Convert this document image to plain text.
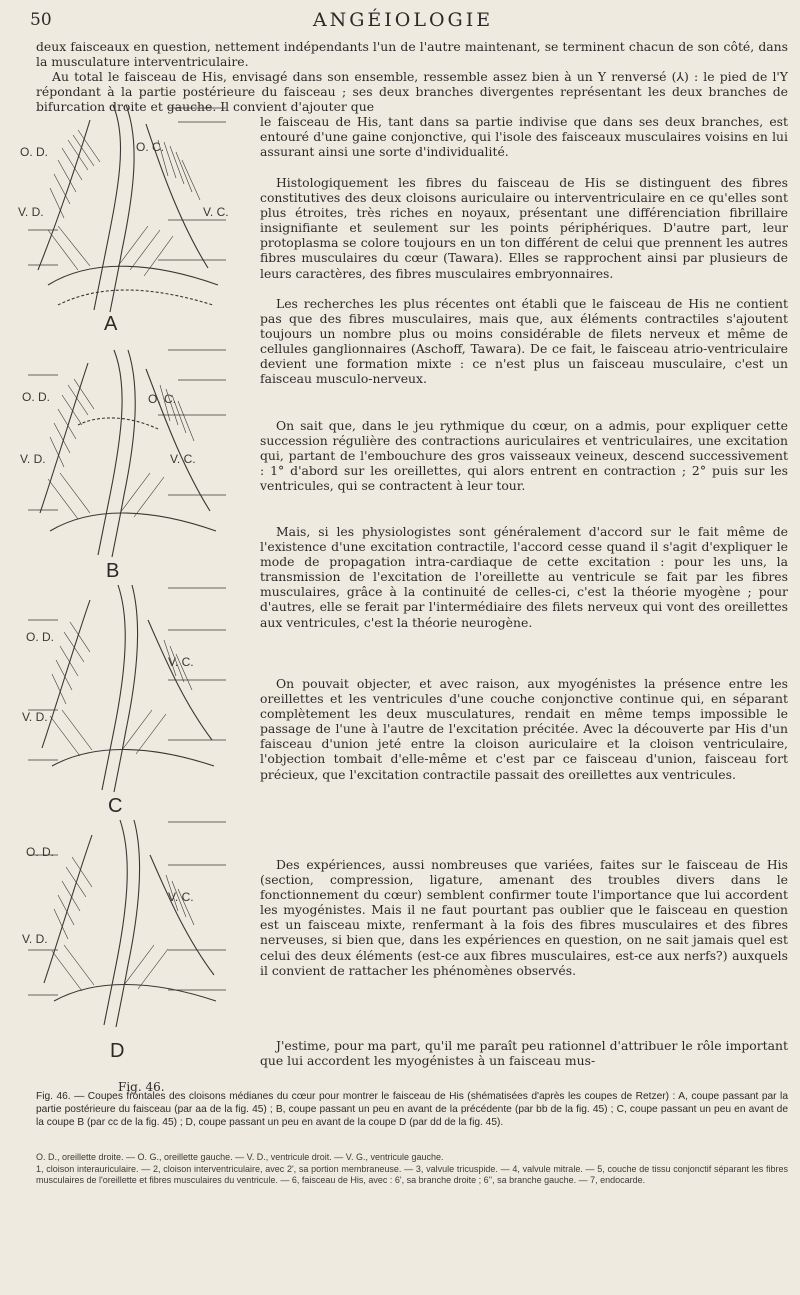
50	ANGÉIOLOGIE

deux faisceaux en question, nettement indépendants l'un de l'autre maintenant, se terminent chacun de son côté, dans la musculature interventriculaire.

Au total le faisceau de His, envisagé dans son ensemble, ressemble assez bien à un Y renversé (⅄) : le pied de l'Y répondant à la partie postérieure du faisceau ; ses deux branches divergentes représentant les deux branches de bifurcation droite et gauche. Il convient d'ajouter que

le faisceau de His, tant dans sa partie indivise que dans ses deux branches, est entouré d'une gaine conjonctive, qui l'isole des faisceaux musculaires voisins en lui assurant ainsi une sorte d'individualité.

Histologiquement les fibres du faisceau de His se distinguent des fibres constitutives des deux cloisons auriculaire ou interventriculaire en ce qu'elles sont plus étroites, très riches en noyaux, présentant une différenciation fibrillaire insignifiante et seulement sur les points périphériques. D'autre part, leur protoplasma se colore toujours en un ton différent de celui que prennent les autres fibres musculaires du cœur (Tawara). Elles se rapprochent ainsi par plusieurs de leurs caractères, des fibres musculaires embryonnaires.

Les recherches les plus récentes ont établi que le faisceau de His ne contient pas que des fibres musculaires, mais que, aux éléments contractiles s'ajoutent toujours un nombre plus ou moins considérable de filets nerveux et même de cellules ganglionnaires (Aschoff, Tawara). De ce fait, le faisceau atrio-ventriculaire devient une formation mixte : ce n'est plus un faisceau musculaire, c'est un faisceau musculo-nerveux.

On sait que, dans le jeu rythmique du cœur, on a admis, pour expliquer cette succession régulière des contractions auriculaires et ventriculaires, une excitation qui, partant de l'embouchure des gros vaisseaux veineux, descend successivement : 1° d'abord sur les oreillettes, qui alors entrent en contraction ; 2° puis sur les ventricules, qui se contractent à leur tour.

Mais, si les physiologistes sont généralement d'accord sur le fait même de l'existence d'une excitation contractile, l'accord cesse quand il s'agit d'expliquer le mode de propagation intra-cardiaque de cette excitation : pour les uns, la transmission de l'excitation de l'oreillette au ventricule se fait par les fibres musculaires, grâce à la continuité de celles-ci, c'est la théorie myogène ; pour d'autres, elle se ferait par l'intermédiaire des filets nerveux qui vont des oreillettes aux ventricules, c'est la théorie neurogène.

On pouvait objecter, et avec raison, aux myogénistes la présence entre les oreillettes et les ventricules d'une couche conjonctive continue qui, en séparant complètement les deux musculatures, rendait en même temps impossible le passage de l'une à l'autre de l'excitation précitée. Avec la découverte par His d'un faisceau d'union jeté entre la cloison auriculaire et la cloison ventriculaire, l'objection tombait d'elle-même et c'est par ce faisceau d'union, faisceau fort précieux, que l'excitation contractile passait des oreillettes aux ventricules.

Des expériences, aussi nombreuses que variées, faites sur le faisceau de His (section, compression, ligature, amenant des troubles divers dans le fonctionnement du cœur) semblent confirmer toute l'importance que lui accordent les myogénistes. Mais il ne faut pourtant pas oublier que le faisceau en question est un faisceau mixte, renfermant à la fois des fibres musculaires et des fibres nerveuses, si bien que, dans les expériences en question, on ne sait jamais quel est celui des deux éléments (est-ce aux fibres musculaires, est-ce aux nerfs?) auxquels il convient de rattacher les phénomènes observés.

J'estime, pour ma part, qu'il me paraît peu rationnel d'attribuer le rôle important que lui accordent les myogénistes à un faisceau mus-

O. D.	O. C.
V. D.	V. C.
A
O. D.	O. C.
V. D.	V. C.
B
O. D.
V. C.
V. D.
C
O. D.
V. C.
V. D.
D
Fig. 46.

Fig. 46. — Coupes frontales des cloisons médianes du cœur pour montrer le faisceau de His (shématisées d'après les coupes de Retzer) : A, coupe passant par la partie postérieure du faisceau (par aa de la fig. 45) ; B, coupe passant un peu en avant de la précédente (par bb de la fig. 45) ; C, coupe passant un peu en avant de la coupe B (par cc de la fig. 45) ; D, coupe passant un peu en avant de la coupe D (par dd de la fig. 45).

O. D., oreillette droite. — O. G., oreillette gauche. — V. D., ventricule droit. — V. G., ventricule gauche.
1, cloison interauriculaire. — 2, cloison interventriculaire, avec 2', sa portion membraneuse. — 3, valvule tricuspide. — 4, valvule mitrale. — 5, couche de tissu conjonctif séparant les fibres musculaires de l'oreillette et fibres musculaires du ventricule. — 6, faisceau de His, avec : 6', sa branche droite ; 6'', sa branche gauche. — 7, endocarde.
